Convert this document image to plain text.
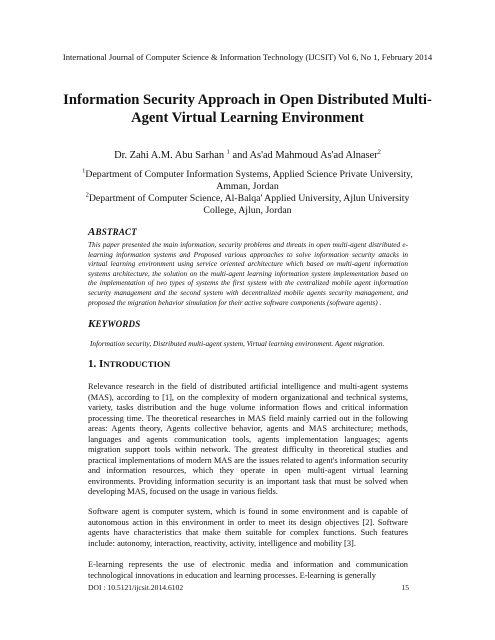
International Journal of Computer Science & Information Technology (IJCSIT) Vol 6, No 1, February 2014
Information Security Approach in Open Distributed Multi-Agent Virtual Learning Environment
Dr. Zahi A.M. Abu Sarhan $^1$ and As'ad Mahmoud As'ad Alnaser$^2$
$^1$Department of Computer Information Systems, Applied Science Private University, Amman, Jordan
$^2$Department of Computer Science, Al-Balqa' Applied University, Ajlun University College, Ajlun, Jordan
ABSTRACT
This paper presented the main information, security problems and threats in open multi-agent distributed e-learning information systems and Proposed various approaches to solve information security attacks in virtual learning environment using service oriented architecture which based on multi-agent information systems architecture, the solution on the multi-agent learning information system implementation based on the implementation of two types of systems the first system with the centralized mobile agent information security management and the second system with decentralized mobile agents security management, and proposed the migration behavior simulation for their active software components (software agents) .
KEYWORDS
Information security, Distributed multi-agent system, Virtual learning environment. Agent migration.
1. INTRODUCTION
Relevance research in the field of distributed artificial intelligence and multi-agent systems (MAS), according to [1], on the complexity of modern organizational and technical systems, variety, tasks distribution and the huge volume information flows and critical information processing time. The theoretical researches in MAS field mainly carried out in the following areas: Agents theory, Agents collective behavior, agents and MAS architecture; methods, languages and agents communication tools, agents implementation languages; agents migration support tools within network. The greatest difficulty in theoretical studies and practical implementations of modern MAS are the issues related to agent's information security and information resources, which they operate in open multi-agent virtual learning environments. Providing information security is an important task that must be solved when developing MAS, focused on the usage in various fields.
Software agent is computer system, which is found in some environment and is capable of autonomous action in this environment in order to meet its design objectives [2]. Software agents have characteristics that make them suitable for complex functions. Such features include: autonomy, interaction, reactivity, activity, intelligence and mobility [3].
E-learning represents the use of electronic media and information and communication technological innovations in education and learning processes. E-learning is generally
DOI : 10.5121/ijcsit.2014.6102	15
